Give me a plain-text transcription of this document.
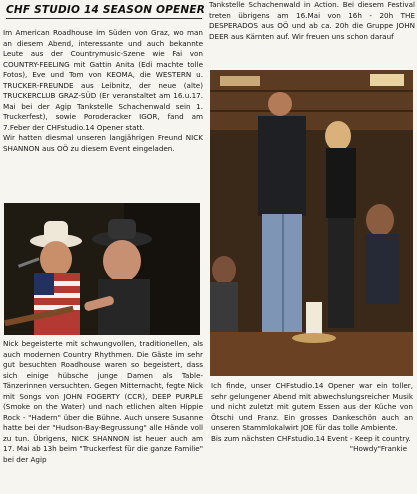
CHF STUDIO 14 SEASON OPENER

Im American Roadhouse im Süden von Graz, wo man an diesem Abend, interessante und auch bekannte Leute aus der Countrymusic-Szene wie Fai von COUNTRY-FEELING mit Gattin Anita (Edi machte tolle Fotos), Eve und Tom von KEOMA, die WESTERN u. TRUCKER-FREUNDE aus Leibnitz, der neue (alte) TRUCKERCLUB GRAZ-SÜD (Er veranstaltet am 16.u.17. Mai bei der Agip Tankstelle Schachenwald sein 1. Truckerfest), sowie Poroderacker IGOR, fand am 7.Feber der CHFstudio.14 Opener statt.
Wir hatten diesmal unseren langjährigen Freund NICK SHANNON aus OÖ zu diesem Event eingeladen.

Nick begeisterte mit schwungvollen, traditionellen, als auch modernen Country Rhythmen. Die Gäste im sehr gut besuchten Roadhouse waren so begeistert, dass sich einige hübsche junge Damen als Table-Tänzerinnen versuchten. Gegen Mitternacht, fegte Nick mit Songs von JOHN FOGERTY (CCR), DEEP PURPLE (Smoke on the Water) und nach etlichen alten Hippie Rock - "Hadern" über die Bühne. Auch unsere Susanne hatte bei der "Hudson-Bay-Begrussung" alle Hände voll zu tun. Übrigens, NICK SHANNON ist heuer auch am 17. Mai ab 13h beim "Truckerfest für die ganze Familie" bei der Agip

Tankstelle Schachenwald in Action. Bei diesem Festival treten übrigens am 16.Mai von 16h - 20h THE DESPERADOS aus OÖ und ab ca. 20h die Gruppe JOHN DEER aus Kärnten auf. Wir freuen uns schon darauf

Ich finde, unser CHFstudio.14 Opener war ein toller, sehr gelungener Abend mit abwechslungsreicher Musik und nicht zuletzt mit gutem Essen aus der Küche von Ötschi und Franz. Ein grosses Dankeschön auch an unseren Stammlokalwirt JOE für das tolle Ambiente.
Bis zum nächsten CHFstudio.14 Event - Keep it country.
"Howdy"Frankie
